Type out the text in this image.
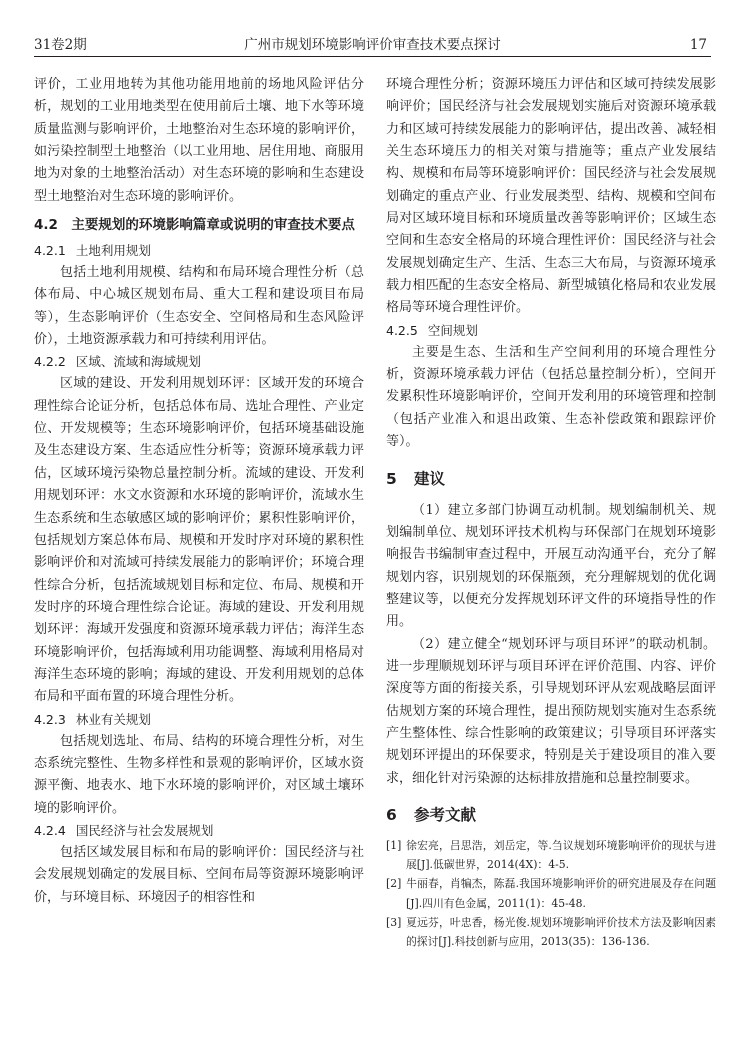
31卷2期	广州市规划环境影响评价审查技术要点探讨	17

评价，工业用地转为其他功能用地前的场地风险评估分析，规划的工业用地类型在使用前后土壤、地下水等环境质量监测与影响评价，土地整治对生态环境的影响评价，如污染控制型土地整治（以工业用地、居住用地、商服用地为对象的土地整治活动）对生态环境的影响和生态建设型土地整治对生态环境的影响评价。

4.2　主要规划的环境影响篇章或说明的审查技术要点
4.2.1 土地利用规划

包括土地利用规模、结构和布局环境合理性分析（总体布局、中心城区规划布局、重大工程和建设项目布局等），生态影响评价（生态安全、空间格局和生态风险评价），土地资源承载力和可持续利用评估。

4.2.2 区域、流域和海域规划

区域的建设、开发利用规划环评：区域开发的环境合理性综合论证分析，包括总体布局、选址合理性、产业定位、开发规模等；生态环境影响评价，包括环境基础设施及生态建设方案、生态适应性分析等；资源环境承载力评估，区域环境污染物总量控制分析。流域的建设、开发利用规划环评：水文水资源和水环境的影响评价，流域水生生态系统和生态敏感区域的影响评价；累积性影响评价，包括规划方案总体布局、规模和开发时序对环境的累积性影响评价和对流域可持续发展能力的影响评价；环境合理性综合分析，包括流域规划目标和定位、布局、规模和开发时序的环境合理性综合论证。海域的建设、开发利用规划环评：海域开发强度和资源环境承载力评估；海洋生态环境影响评价，包括海域利用功能调整、海域利用格局对海洋生态环境的影响；海域的建设、开发利用规划的总体布局和平面布置的环境合理性分析。

4.2.3 林业有关规划

包括规划选址、布局、结构的环境合理性分析，对生态系统完整性、生物多样性和景观的影响评价，区域水资源平衡、地表水、地下水环境的影响评价，对区域土壤环境的影响评价。

4.2.4 国民经济与社会发展规划

包括区域发展目标和布局的影响评价：国民经济与社会发展规划确定的发展目标、空间布局等资源环境影响评价，与环境目标、环境因子的相容性和

环境合理性分析；资源环境压力评估和区域可持续发展影响评价；国民经济与社会发展规划实施后对资源环境承载力和区域可持续发展能力的影响评估，提出改善、减轻相关生态环境压力的相关对策与措施等；重点产业发展结构、规模和布局等环境影响评价：国民经济与社会发展规划确定的重点产业、行业发展类型、结构、规模和空间布局对区域环境目标和环境质量改善等影响评价；区域生态空间和生态安全格局的环境合理性评价：国民经济与社会发展规划确定生产、生活、生态三大布局，与资源环境承载力相匹配的生态安全格局、新型城镇化格局和农业发展格局等环境合理性评价。

4.2.5 空间规划

主要是生态、生活和生产空间利用的环境合理性分析，资源环境承载力评估（包括总量控制分析），空间开发累积性环境影响评价，空间开发利用的环境管理和控制（包括产业准入和退出政策、生态补偿政策和跟踪评价等）。

5 建议

（1）建立多部门协调互动机制。规划编制机关、规划编制单位、规划环评技术机构与环保部门在规划环境影响报告书编制审查过程中，开展互动沟通平台，充分了解规划内容，识别规划的环保瓶颈，充分理解规划的优化调整建议等，以便充分发挥规划环评文件的环境指导性的作用。

（2）建立健全“规划环评与项目环评”的联动机制。进一步理顺规划环评与项目环评在评价范围、内容、评价深度等方面的衔接关系，引导规划环评从宏观战略层面评估规划方案的环境合理性，提出预防规划实施对生态系统产生整体性、综合性影响的政策建议；引导项目环评落实规划环评提出的环保要求，特别是关于建设项目的准入要求，细化针对污染源的达标排放措施和总量控制要求。

6 参考文献

[1] 徐宏亮，吕思浩，刘岳定，等.刍议规划环境影响评价的现状与进展[J].低碳世界，2014(4X)：4-5.

[2] 牛丽春，肖犏杰，陈磊.我国环境影响评价的研究进展及存在问题[J].四川有色金属，2011(1)：45-48.

[3] 夏远芬，叶忠香，杨光俊.规划环境影响评价技术方法及影响因素的探讨[J].科技创新与应用，2013(35)：136-136.
